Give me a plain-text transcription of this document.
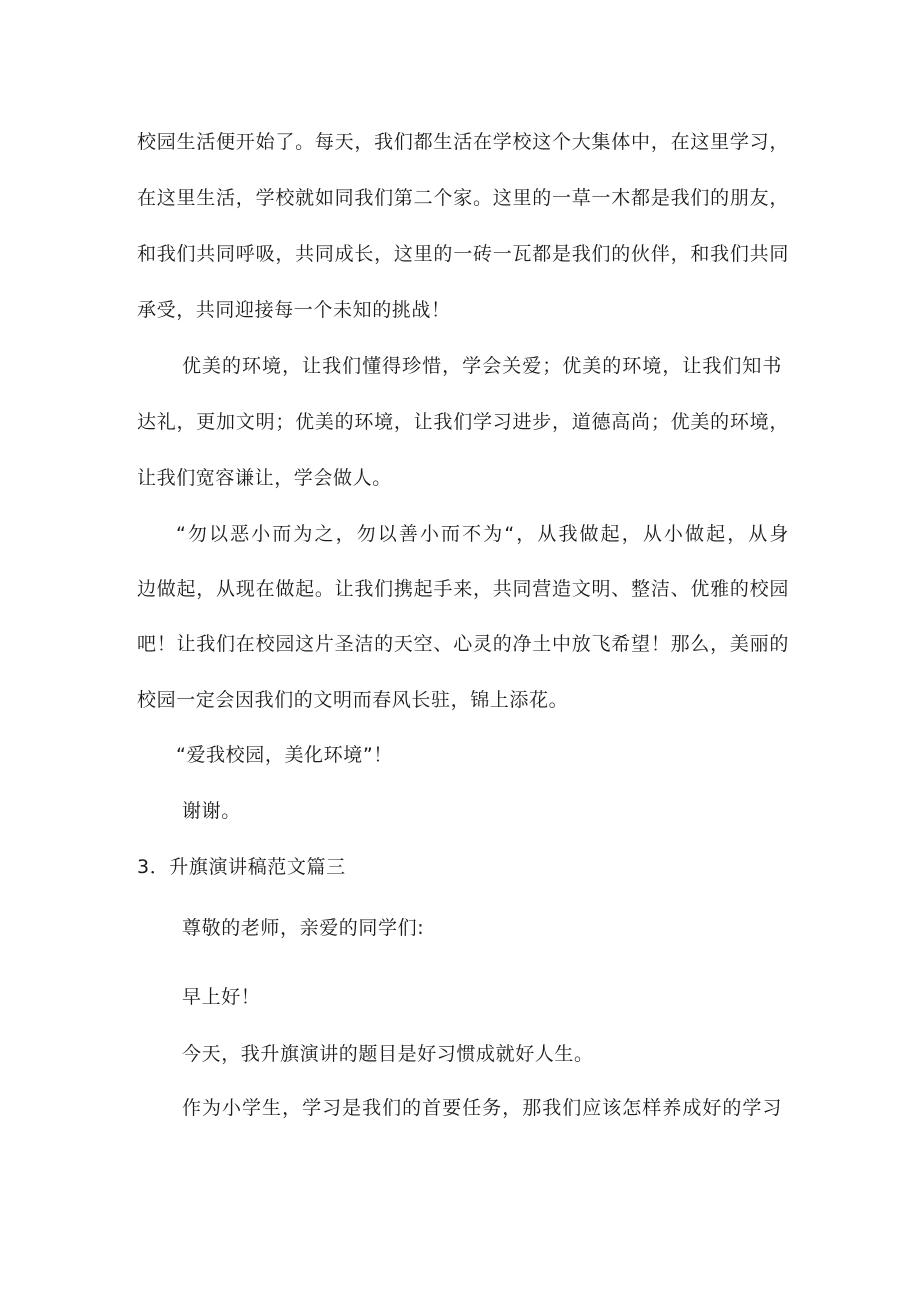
校园生活便开始了。每天，我们都生活在学校这个大集体中，在这里学习，
在这里生活，学校就如同我们第二个家。这里的一草一木都是我们的朋友，
和我们共同呼吸，共同成长，这里的一砖一瓦都是我们的伙伴，和我们共同
承受，共同迎接每一个未知的挑战！
优美的环境，让我们懂得珍惜，学会关爱；优美的环境，让我们知书
达礼，更加文明；优美的环境，让我们学习进步，道德高尚；优美的环境，
让我们宽容谦让，学会做人。
“勿以恶小而为之，勿以善小而不为“，从我做起，从小做起，从身
边做起，从现在做起。让我们携起手来，共同营造文明、整洁、优雅的校园
吧！让我们在校园这片圣洁的天空、心灵的净土中放飞希望！那么，美丽的
校园一定会因我们的文明而春风长驻，锦上添花。
“爱我校园，美化环境”！
谢谢。
3．升旗演讲稿范文篇三
尊敬的老师，亲爱的同学们:
早上好！
今天，我升旗演讲的题目是好习惯成就好人生。
作为小学生，学习是我们的首要任务，那我们应该怎样养成好的学习
